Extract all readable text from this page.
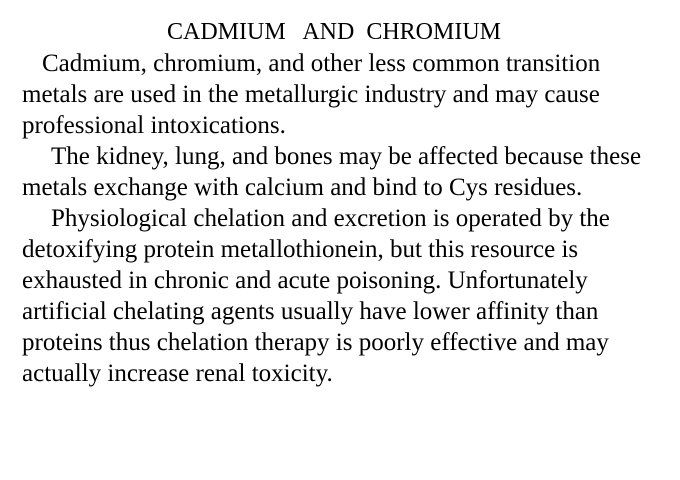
CADMIUM   AND  CHROMIUM

Cadmium, chromium, and other less common transition metals are used in the metallurgic industry and may cause professional intoxications.

The kidney, lung, and bones may be affected because these metals exchange with calcium and bind to Cys residues.

Physiological chelation and excretion is operated by the detoxifying protein metallothionein, but this resource is exhausted in chronic and acute poisoning. Unfortunately artificial chelating agents usually have lower affinity than proteins thus chelation therapy is poorly effective and may actually increase renal toxicity.
